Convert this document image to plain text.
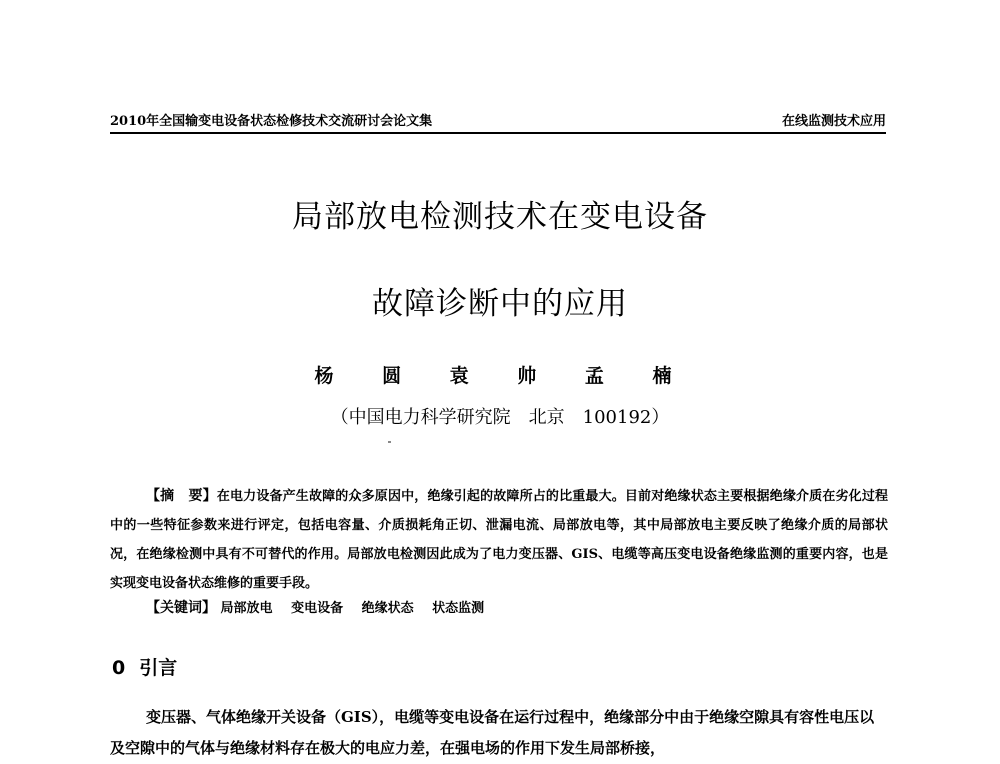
2010年全国输变电设备状态检修技术交流研讨会论文集	在线监测技术应用
局部放电检测技术在变电设备
故障诊断中的应用
杨 圆 袁 帅 孟 楠
（中国电力科学研究院　北京　100192）
【摘　要】在电力设备产生故障的众多原因中，绝缘引起的故障所占的比重最大。目前对绝缘状态主要根据绝缘介质在劣化过程中的一些特征参数来进行评定，包括电容量、介质损耗角正切、泄漏电流、局部放电等，其中局部放电主要反映了绝缘介质的局部状况，在绝缘检测中具有不可替代的作用。局部放电检测因此成为了电力变压器、GIS、电缆等高压变电设备绝缘监测的重要内容，也是实现变电设备状态维修的重要手段。
【关键词】 局部放电 变电设备 绝缘状态 状态监测
0 引言
变压器、气体绝缘开关设备（GIS），电缆等变电设备在运行过程中，绝缘部分中由于绝缘空隙具有容性电压以及空隙中的气体与绝缘材料存在极大的电应力差，在强电场的作用下发生局部桥接，
